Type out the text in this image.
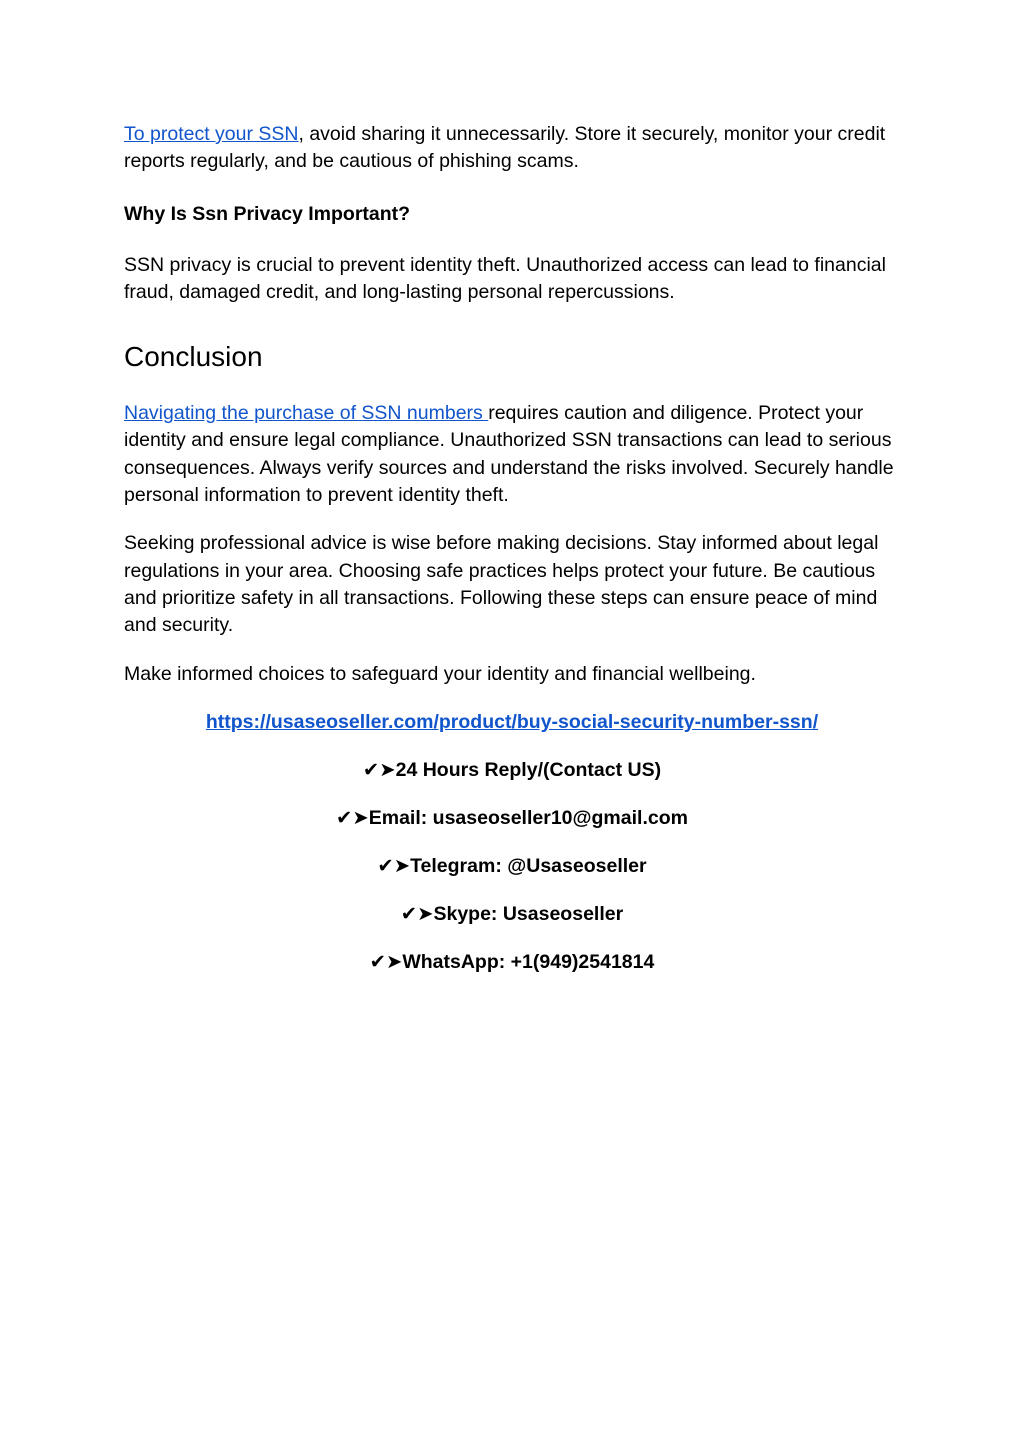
To protect your SSN, avoid sharing it unnecessarily. Store it securely, monitor your credit reports regularly, and be cautious of phishing scams.

Why Is Ssn Privacy Important?

SSN privacy is crucial to prevent identity theft. Unauthorized access can lead to financial fraud, damaged credit, and long-lasting personal repercussions.

Conclusion

Navigating the purchase of SSN numbers requires caution and diligence. Protect your identity and ensure legal compliance. Unauthorized SSN transactions can lead to serious consequences. Always verify sources and understand the risks involved. Securely handle personal information to prevent identity theft.

Seeking professional advice is wise before making decisions. Stay informed about legal regulations in your area. Choosing safe practices helps protect your future. Be cautious and prioritize safety in all transactions. Following these steps can ensure peace of mind and security.

Make informed choices to safeguard your identity and financial wellbeing.

https://usaseoseller.com/product/buy-social-security-number-ssn/

✔➤24 Hours Reply/(Contact US)

✔➤Email: usaseoseller10@gmail.com

✔➤Telegram: @Usaseoseller

✔➤Skype: Usaseoseller

✔➤WhatsApp: +1(949)2541814
